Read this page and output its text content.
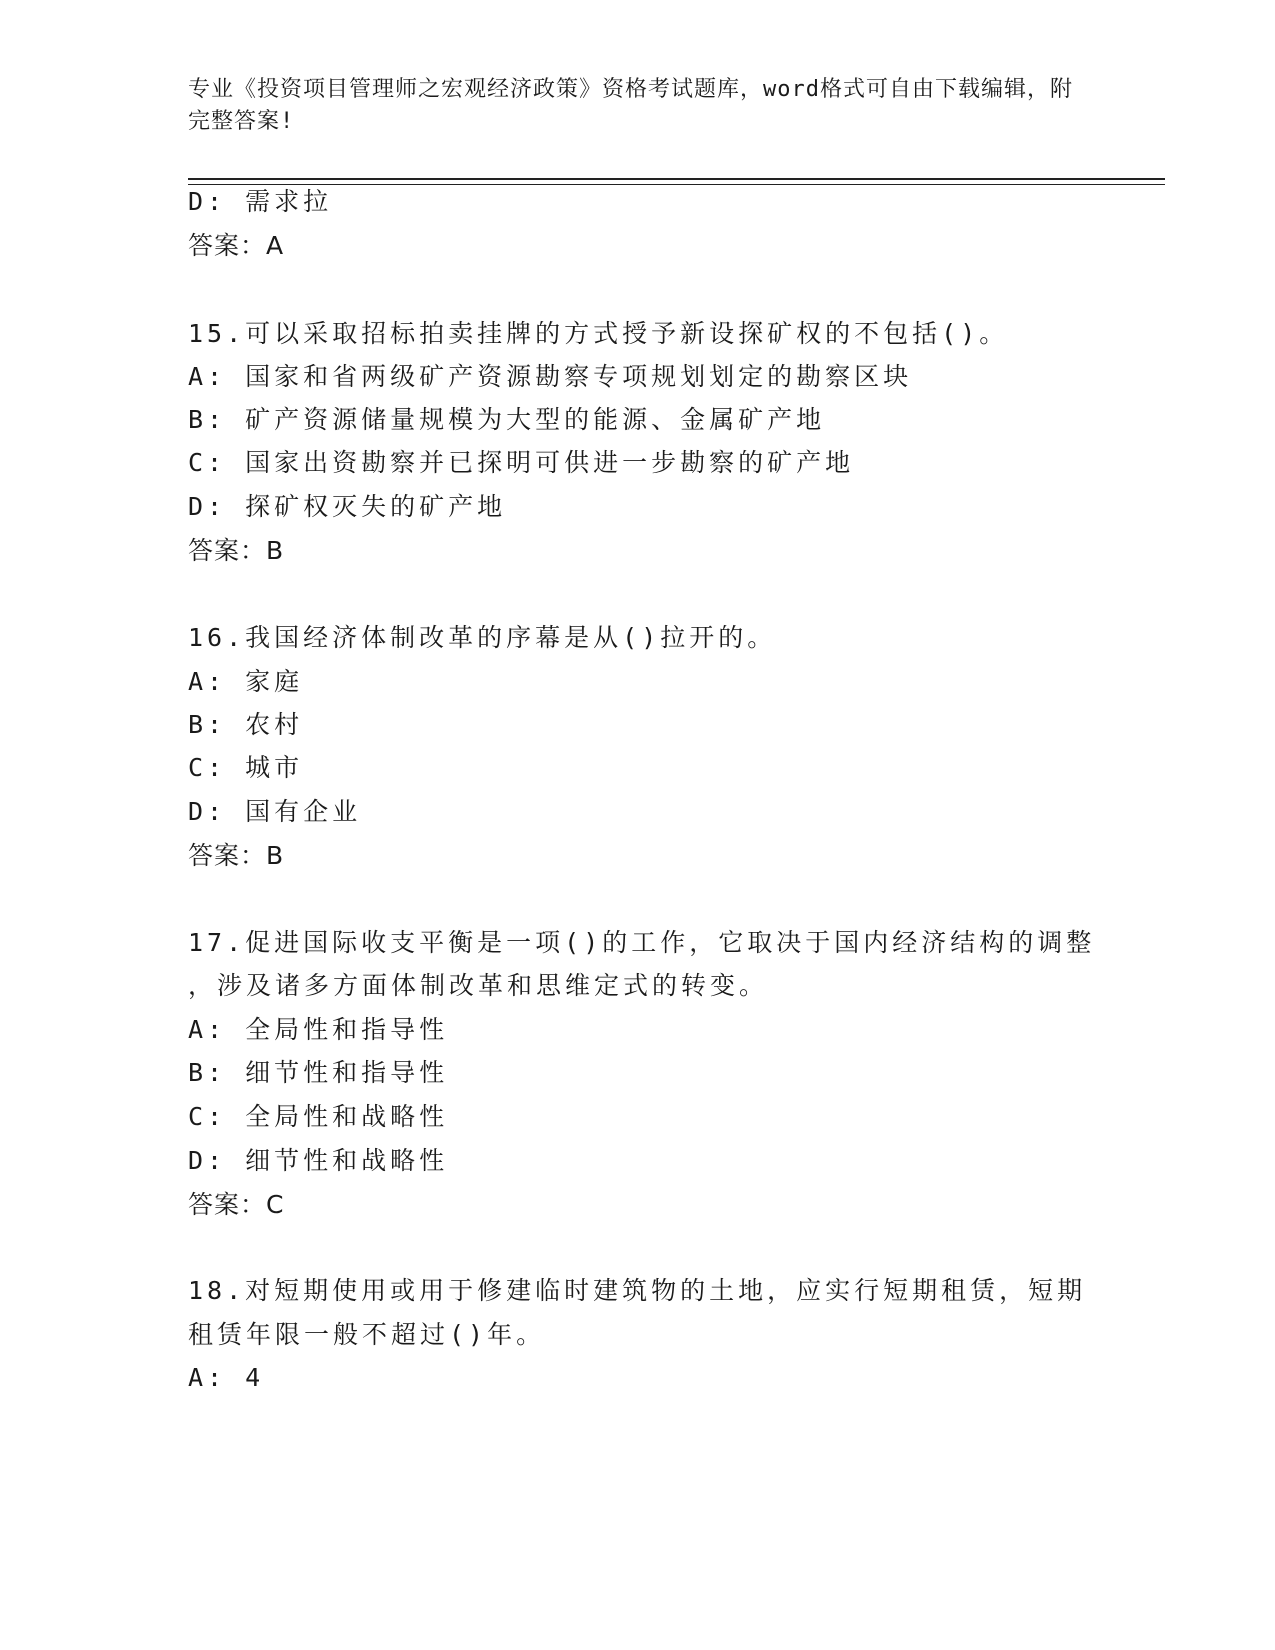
专业《投资项目管理师之宏观经济政策》资格考试题库，word格式可自由下载编辑，附完整答案!
D: 需求拉
答案：A
15.可以采取招标拍卖挂牌的方式授予新设探矿权的不包括()。
A: 国家和省两级矿产资源勘察专项规划划定的勘察区块
B: 矿产资源储量规模为大型的能源、金属矿产地
C: 国家出资勘察并已探明可供进一步勘察的矿产地
D: 探矿权灭失的矿产地
答案：B
16.我国经济体制改革的序幕是从()拉开的。
A: 家庭
B: 农村
C: 城市
D: 国有企业
答案：B
17.促进国际收支平衡是一项()的工作，它取决于国内经济结构的调整
，涉及诸多方面体制改革和思维定式的转变。
A: 全局性和指导性
B: 细节性和指导性
C: 全局性和战略性
D: 细节性和战略性
答案：C
18.对短期使用或用于修建临时建筑物的土地，应实行短期租赁，短期
租赁年限一般不超过()年。
A: 4
